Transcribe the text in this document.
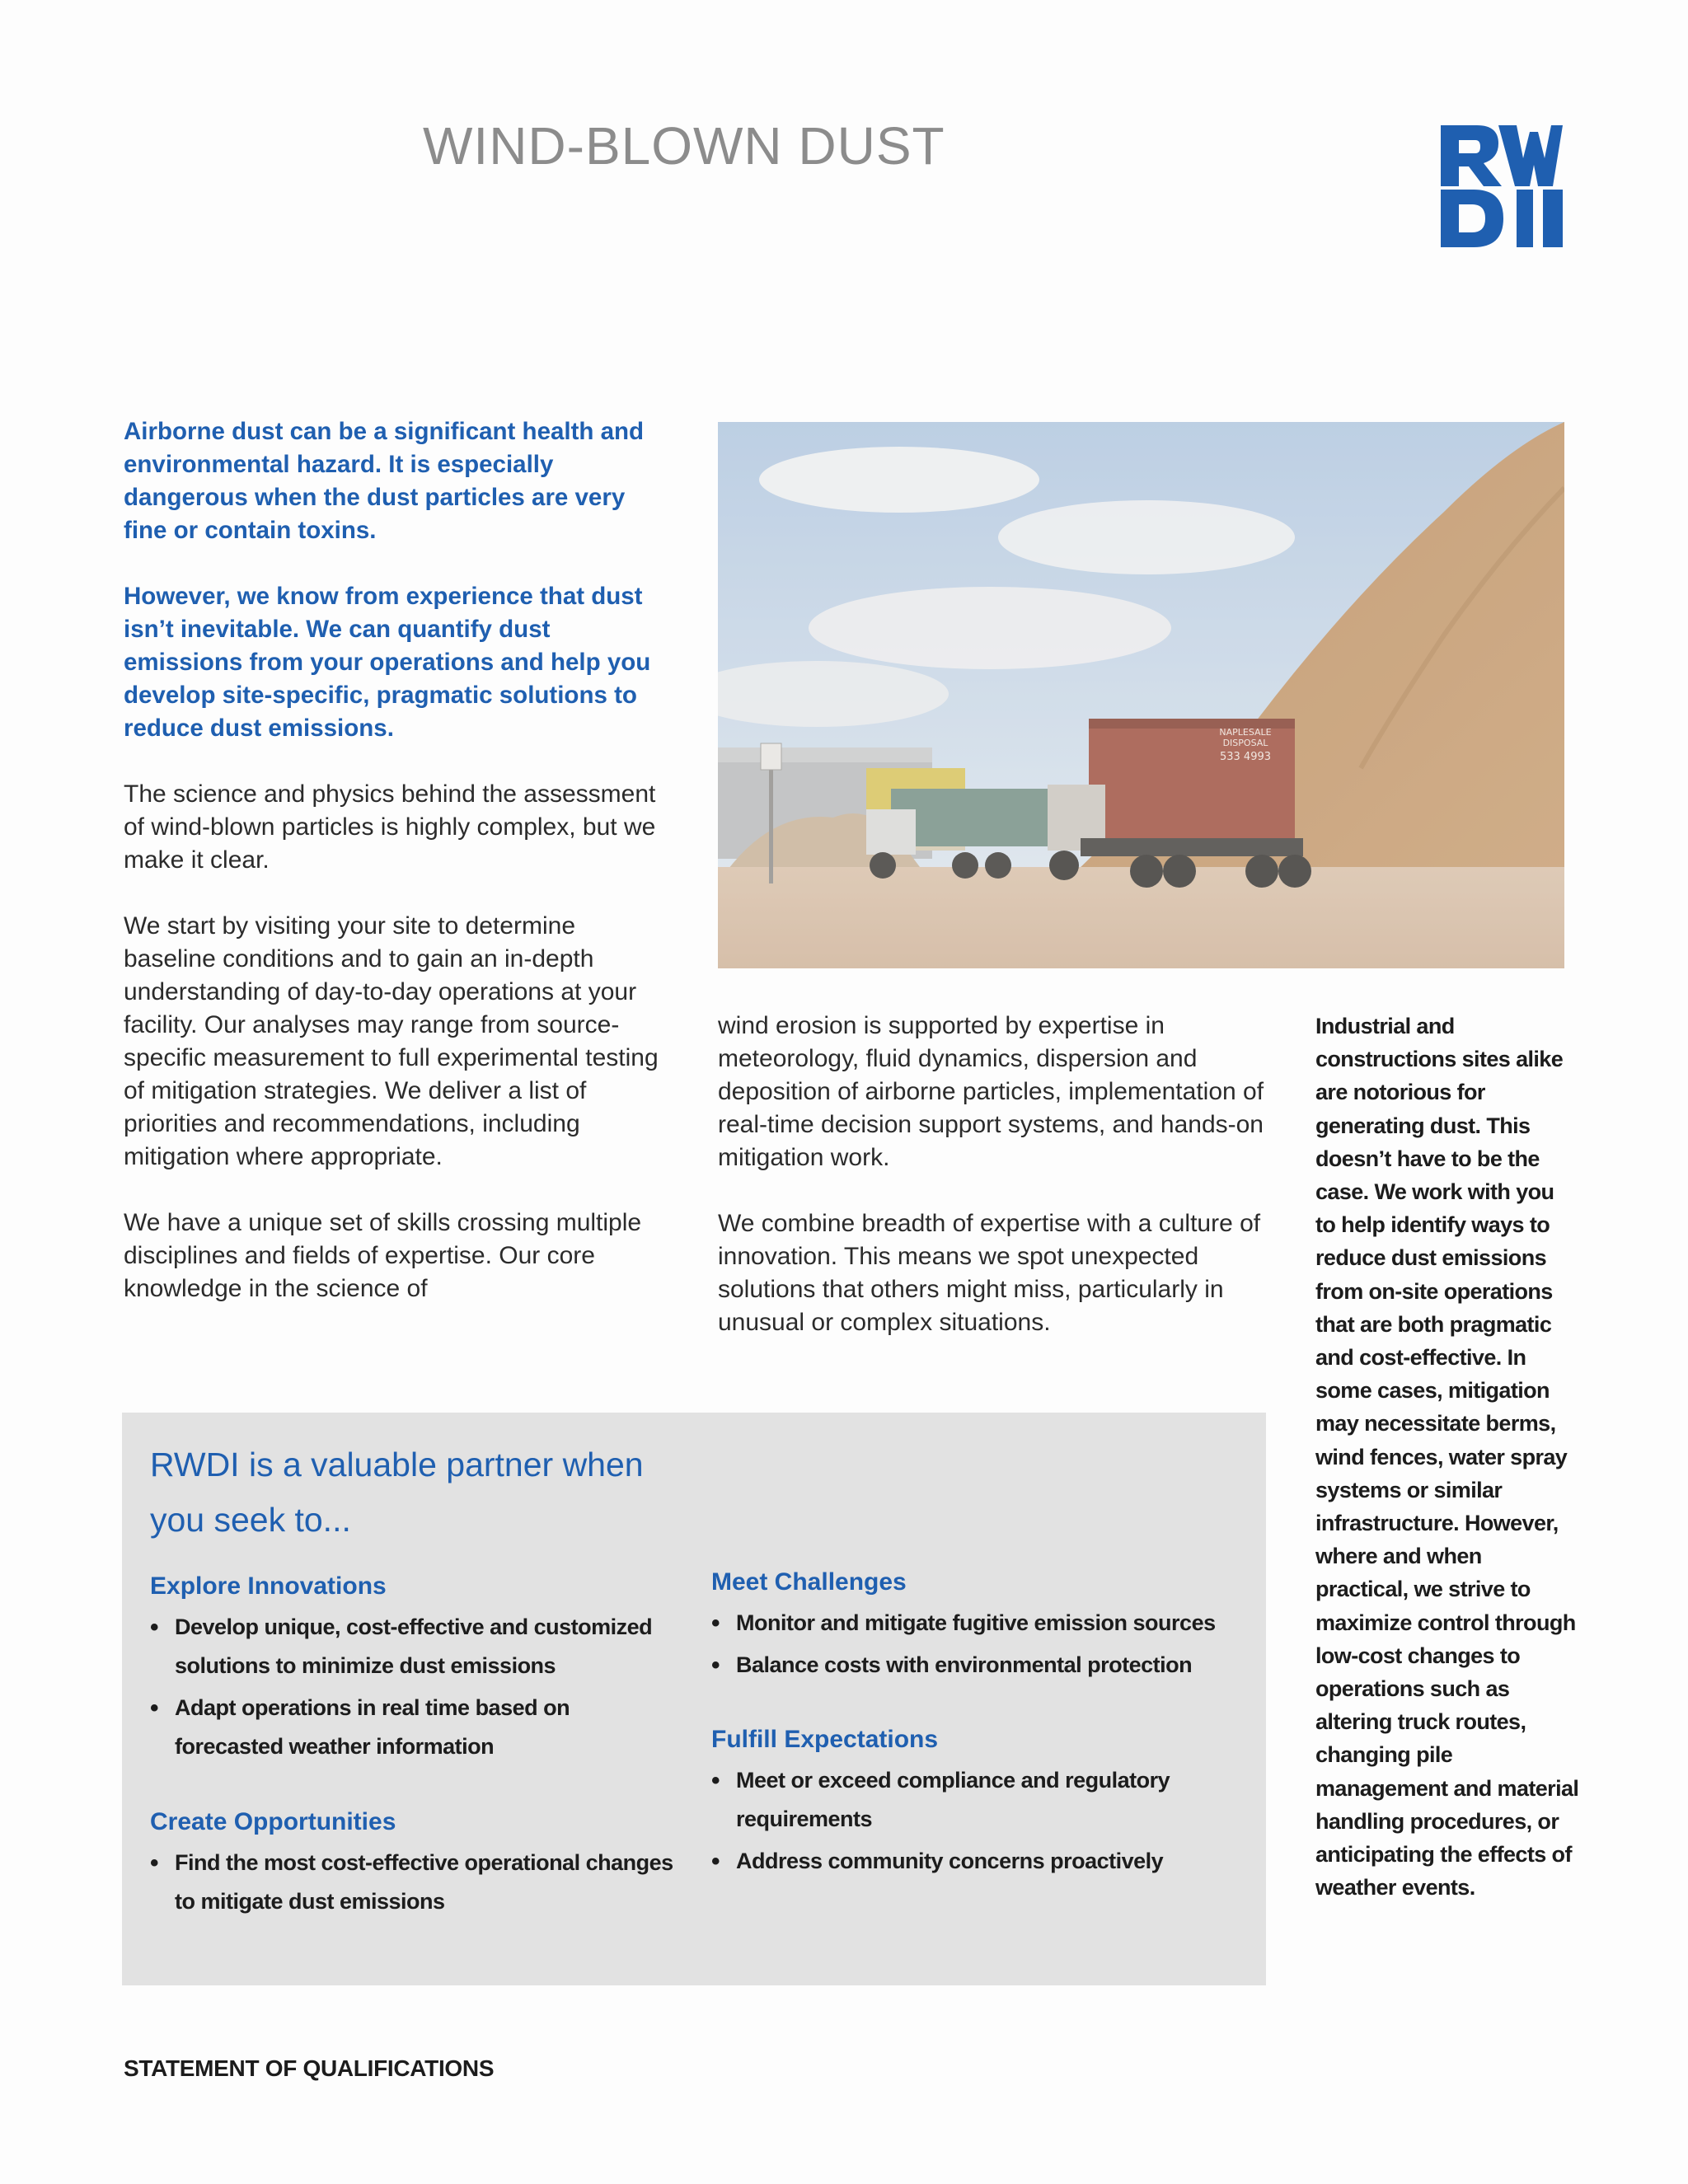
WIND-BLOWN DUST

Airborne dust can be a significant health and environmental hazard. It is especially dangerous when the dust particles are very fine or contain toxins.

However, we know from experience that dust isn’t inevitable. We can quantify dust emissions from your operations and help you develop site-specific, pragmatic solutions to reduce dust emissions.

The science and physics behind the assessment of wind-blown particles is highly complex, but we make it clear.

We start by visiting your site to determine baseline conditions and to gain an in-depth understanding of day-to-day operations at your facility. Our analyses may range from source-specific measurement to full experimental testing of mitigation strategies. We deliver a list of priorities and recommendations, including mitigation where appropriate.

We have a unique set of skills crossing multiple disciplines and fields of expertise. Our core knowledge in the science of

NAPLESALE
DISPOSAL
533 4993

wind erosion is supported by expertise in meteorology, fluid dynamics, dispersion and deposition of airborne particles, implementation of real-time decision support systems, and hands-on mitigation work.

We combine breadth of expertise with a culture of innovation. This means we spot unexpected solutions that others might miss, particularly in unusual or complex situations.

Industrial and constructions sites alike are notorious for generating dust. This doesn’t have to be the case. We work with you to help identify ways to reduce dust emissions from on-site operations that are both pragmatic and cost-effective. In some cases, mitigation may necessitate berms, wind fences, water spray systems or similar infrastructure. However, where and when practical, we strive to maximize control through low-cost changes to operations such as altering truck routes, changing pile management and material handling procedures, or anticipating the effects of weather events.
RWDI is a valuable partner when you seek to...
Explore Innovations
• Develop unique, cost-effective and customized solutions to minimize dust emissions
• Adapt operations in real time based on forecasted weather information
Create Opportunities
• Find the most cost-effective operational changes to mitigate dust emissions
Meet Challenges
• Monitor and mitigate fugitive emission sources
• Balance costs with environmental protection
Fulfill Expectations
• Meet or exceed compliance and regulatory requirements
• Address community concerns proactively
STATEMENT OF QUALIFICATIONS
